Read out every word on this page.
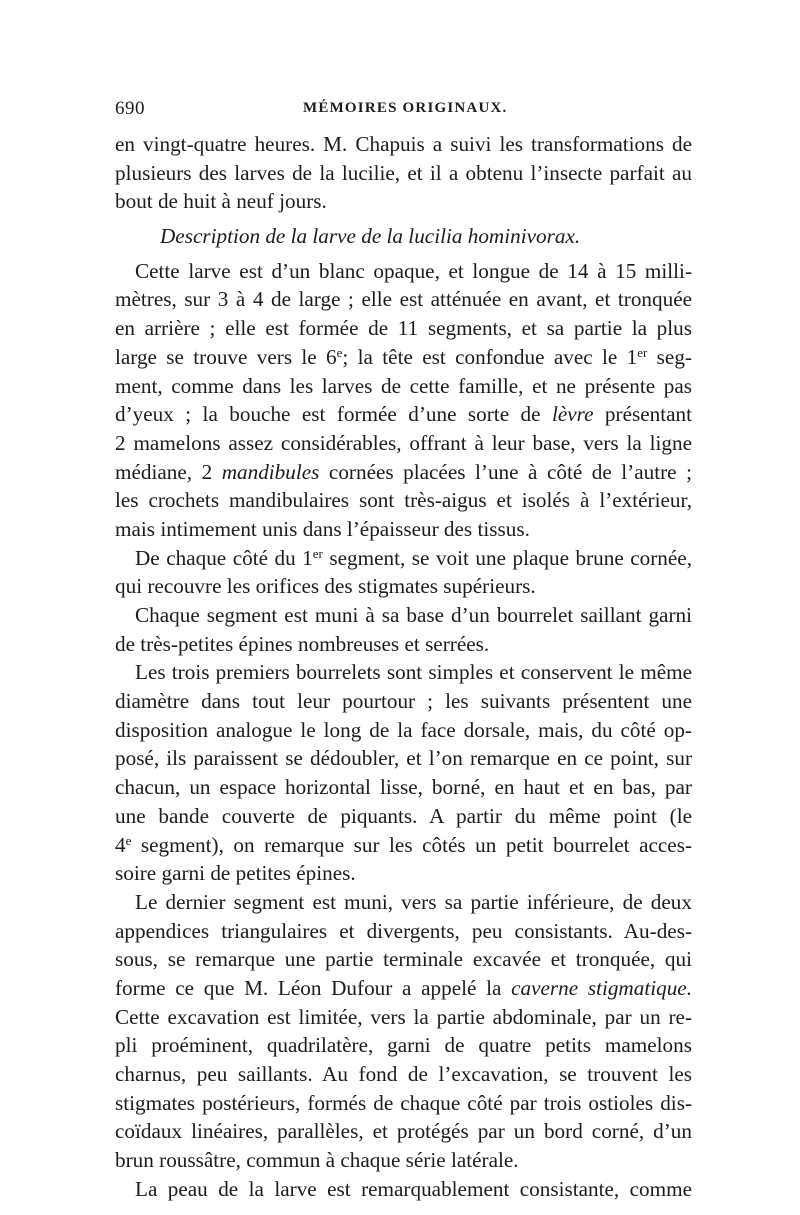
690	MÉMOIRES ORIGINAUX.
en vingt-quatre heures. M. Chapuis a suivi les transformations de
plusieurs des larves de la lucilie, et il a obtenu l’insecte parfait au
bout de huit à neuf jours.
Description de la larve de la lucilia hominivorax.
Cette larve est d’un blanc opaque, et longue de 14 à 15 milli-
mètres, sur 3 à 4 de large ; elle est atténuée en avant, et tronquée
en arrière ; elle est formée de 11 segments, et sa partie la plus
large se trouve vers le 6e; la tête est confondue avec le 1er seg-
ment, comme dans les larves de cette famille, et ne présente pas
d’yeux ; la bouche est formée d’une sorte de lèvre présentant
2 mamelons assez considérables, offrant à leur base, vers la ligne
médiane, 2 mandibules cornées placées l’une à côté de l’autre ;
les crochets mandibulaires sont très-aigus et isolés à l’extérieur,
mais intimement unis dans l’épaisseur des tissus.
De chaque côté du 1er segment, se voit une plaque brune cornée,
qui recouvre les orifices des stigmates supérieurs.
Chaque segment est muni à sa base d’un bourrelet saillant garni
de très-petites épines nombreuses et serrées.
Les trois premiers bourrelets sont simples et conservent le même
diamètre dans tout leur pourtour ; les suivants présentent une
disposition analogue le long de la face dorsale, mais, du côté op-
posé, ils paraissent se dédoubler, et l’on remarque en ce point, sur
chacun, un espace horizontal lisse, borné, en haut et en bas, par
une bande couverte de piquants. A partir du même point (le
4e segment), on remarque sur les côtés un petit bourrelet acces-
soire garni de petites épines.
Le dernier segment est muni, vers sa partie inférieure, de deux
appendices triangulaires et divergents, peu consistants. Au-des-
sous, se remarque une partie terminale excavée et tronquée, qui
forme ce que M. Léon Dufour a appelé la caverne stigmatique.
Cette excavation est limitée, vers la partie abdominale, par un re-
pli proéminent, quadrilatère, garni de quatre petits mamelons
charnus, peu saillants. Au fond de l’excavation, se trouvent les
stigmates postérieurs, formés de chaque côté par trois ostioles dis-
coïdaux linéaires, parallèles, et protégés par un bord corné, d’un
brun roussâtre, commun à chaque série latérale.
La peau de la larve est remarquablement consistante, comme
